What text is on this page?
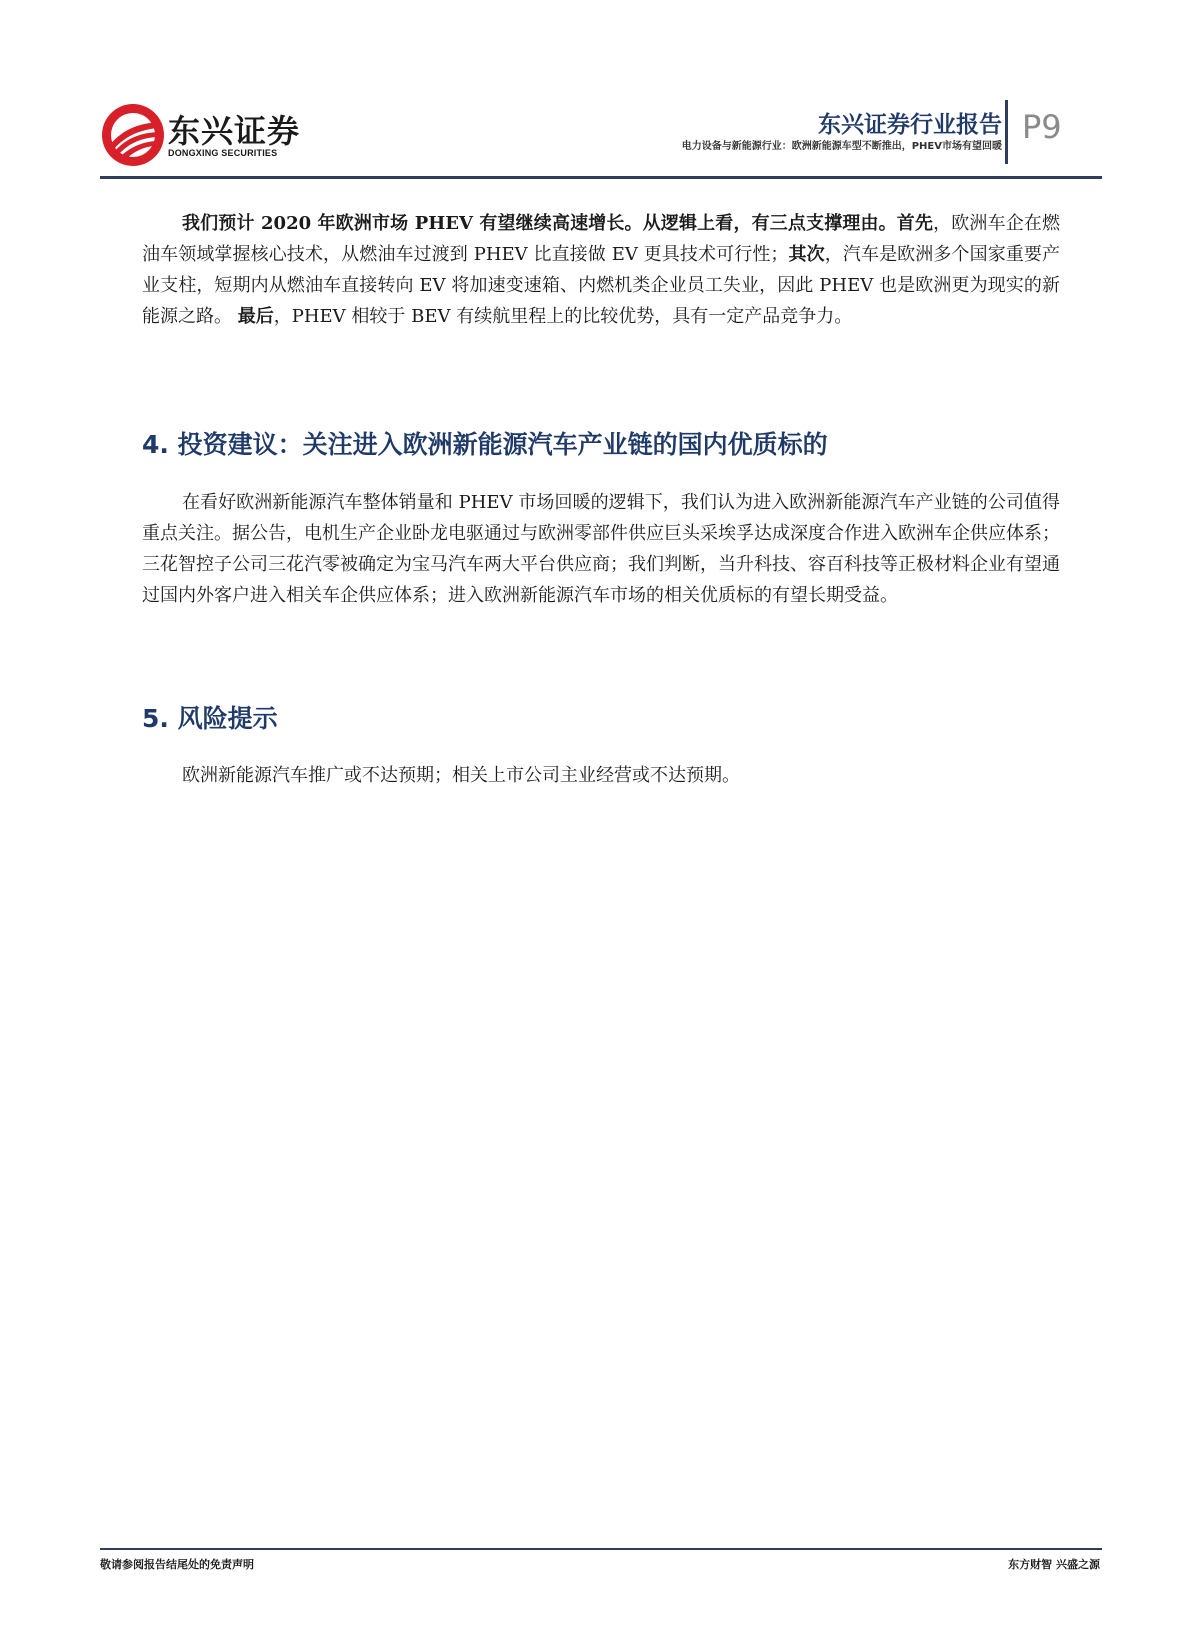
东兴证券
DONGXING SECURITIES
东兴证券行业报告
电力设备与新能源行业：欧洲新能源车型不断推出，PHEV市场有望回暖
P9

我们预计 2020 年欧洲市场 PHEV 有望继续高速增长。从逻辑上看，有三点支撑理由。首先，欧洲车企在燃油车领域掌握核心技术，从燃油车过渡到 PHEV 比直接做 EV 更具技术可行性；其次，汽车是欧洲多个国家重要产业支柱，短期内从燃油车直接转向 EV 将加速变速箱、内燃机类企业员工失业，因此 PHEV 也是欧洲更为现实的新能源之路。 最后，PHEV 相较于 BEV 有续航里程上的比较优势，具有一定产品竞争力。

4. 投资建议：关注进入欧洲新能源汽车产业链的国内优质标的

在看好欧洲新能源汽车整体销量和 PHEV 市场回暖的逻辑下，我们认为进入欧洲新能源汽车产业链的公司值得重点关注。据公告，电机生产企业卧龙电驱通过与欧洲零部件供应巨头采埃孚达成深度合作进入欧洲车企供应体系；三花智控子公司三花汽零被确定为宝马汽车两大平台供应商；我们判断，当升科技、容百科技等正极材料企业有望通过国内外客户进入相关车企供应体系；进入欧洲新能源汽车市场的相关优质标的有望长期受益。

5. 风险提示

欧洲新能源汽车推广或不达预期；相关上市公司主业经营或不达预期。

敬请参阅报告结尾处的免责声明	东方财智 兴盛之源
